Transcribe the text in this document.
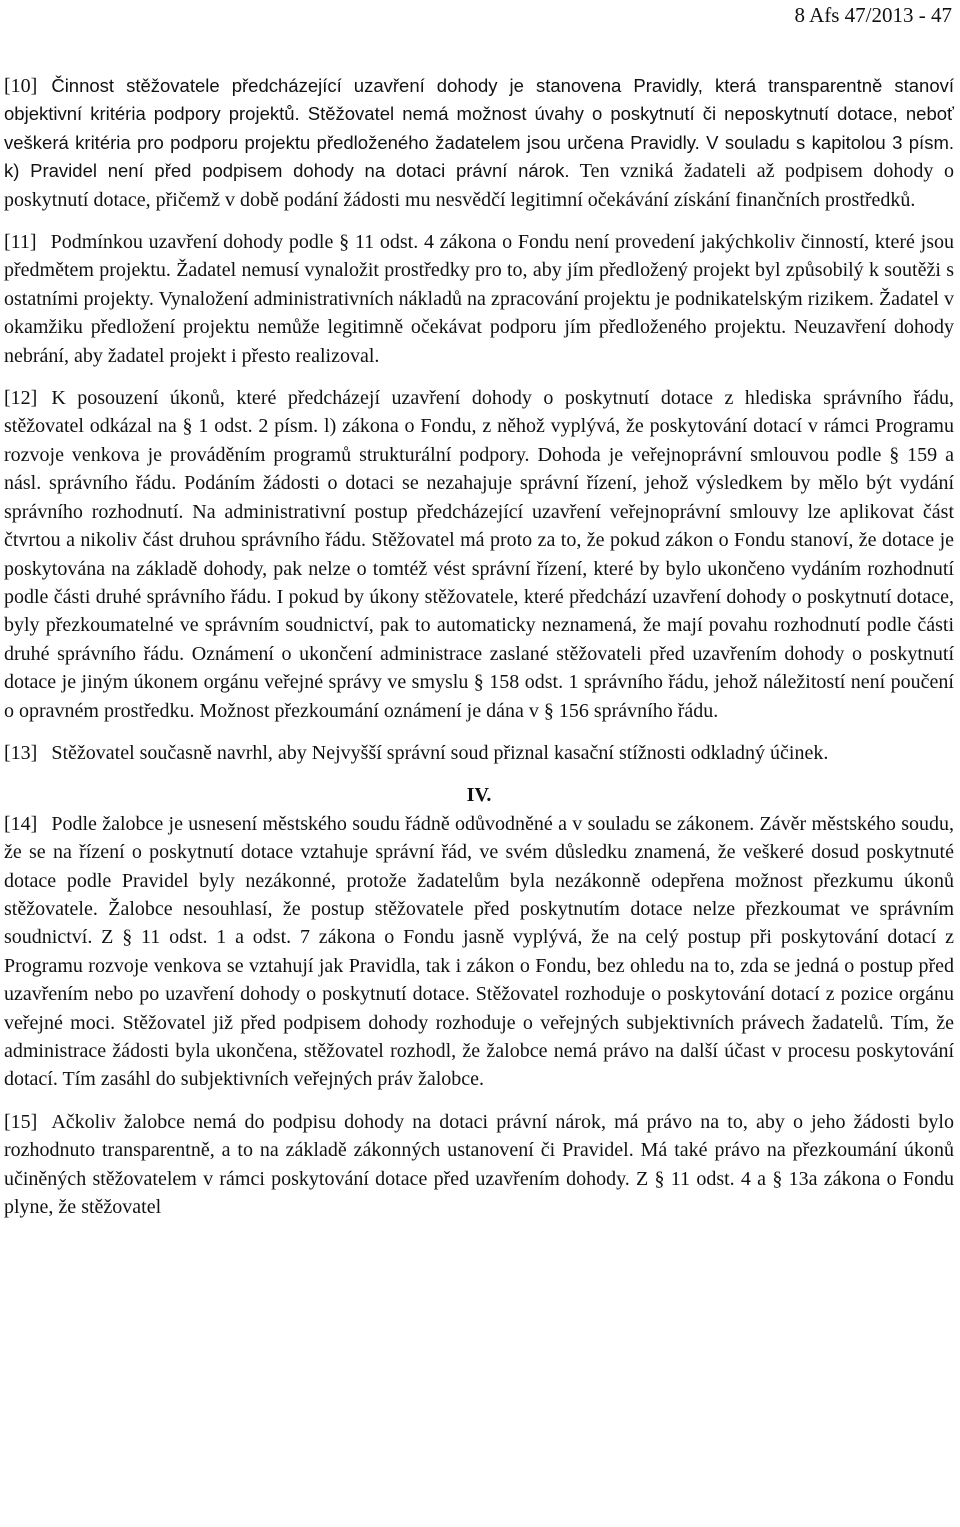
8 Afs 47/2013 - 47

[10] Činnost stěžovatele předcházející uzavření dohody je stanovena Pravidly, která transparentně stanoví objektivní kritéria podpory projektů. Stěžovatel nemá možnost úvahy o poskytnutí či neposkytnutí dotace, neboť veškerá kritéria pro podporu projektu předloženého žadatelem jsou určena Pravidly. V souladu s kapitolou 3 písm. k) Pravidel není před podpisem dohody na dotaci právní nárok. Ten vzniká žadateli až podpisem dohody o poskytnutí dotace, přičemž v době podání žádosti mu nesvědčí legitimní očekávání získání finančních prostředků.

[11] Podmínkou uzavření dohody podle § 11 odst. 4 zákona o Fondu není provedení jakýchkoliv činností, které jsou předmětem projektu. Žadatel nemusí vynaložit prostředky pro to, aby jím předložený projekt byl způsobilý k soutěži s ostatními projekty. Vynaložení administrativních nákladů na zpracování projektu je podnikatelským rizikem. Žadatel v okamžiku předložení projektu nemůže legitimně očekávat podporu jím předloženého projektu. Neuzavření dohody nebrání, aby žadatel projekt i přesto realizoval.

[12] K posouzení úkonů, které předcházejí uzavření dohody o poskytnutí dotace z hlediska správního řádu, stěžovatel odkázal na § 1 odst. 2 písm. l) zákona o Fondu, z něhož vyplývá, že poskytování dotací v rámci Programu rozvoje venkova je prováděním programů strukturální podpory. Dohoda je veřejnoprávní smlouvou podle § 159 a násl. správního řádu. Podáním žádosti o dotaci se nezahajuje správní řízení, jehož výsledkem by mělo být vydání správního rozhodnutí. Na administrativní postup předcházející uzavření veřejnoprávní smlouvy lze aplikovat část čtvrtou a nikoliv část druhou správního řádu. Stěžovatel má proto za to, že pokud zákon o Fondu stanoví, že dotace je poskytována na základě dohody, pak nelze o tomtéž vést správní řízení, které by bylo ukončeno vydáním rozhodnutí podle části druhé správního řádu. I pokud by úkony stěžovatele, které předchází uzavření dohody o poskytnutí dotace, byly přezkoumatelné ve správním soudnictví, pak to automaticky neznamená, že mají povahu rozhodnutí podle části druhé správního řádu. Oznámení o ukončení administrace zaslané stěžovateli před uzavřením dohody o poskytnutí dotace je jiným úkonem orgánu veřejné správy ve smyslu § 158 odst. 1 správního řádu, jehož náležitostí není poučení o opravném prostředku. Možnost přezkoumání oznámení je dána v § 156 správního řádu.

[13] Stěžovatel současně navrhl, aby Nejvyšší správní soud přiznal kasační stížnosti odkladný účinek.

IV.

[14] Podle žalobce je usnesení městského soudu řádně odůvodněné a v souladu se zákonem. Závěr městského soudu, že se na řízení o poskytnutí dotace vztahuje správní řád, ve svém důsledku znamená, že veškeré dosud poskytnuté dotace podle Pravidel byly nezákonné, protože žadatelům byla nezákonně odepřena možnost přezkumu úkonů stěžovatele. Žalobce nesouhlasí, že postup stěžovatele před poskytnutím dotace nelze přezkoumat ve správním soudnictví. Z § 11 odst. 1 a odst. 7 zákona o Fondu jasně vyplývá, že na celý postup při poskytování dotací z Programu rozvoje venkova se vztahují jak Pravidla, tak i zákon o Fondu, bez ohledu na to, zda se jedná o postup před uzavřením nebo po uzavření dohody o poskytnutí dotace. Stěžovatel rozhoduje o poskytování dotací z pozice orgánu veřejné moci. Stěžovatel již před podpisem dohody rozhoduje o veřejných subjektivních právech žadatelů. Tím, že administrace žádosti byla ukončena, stěžovatel rozhodl, že žalobce nemá právo na další účast v procesu poskytování dotací. Tím zasáhl do subjektivních veřejných práv žalobce.

[15] Ačkoliv žalobce nemá do podpisu dohody na dotaci právní nárok, má právo na to, aby o jeho žádosti bylo rozhodnuto transparentně, a to na základě zákonných ustanovení či Pravidel. Má také právo na přezkoumání úkonů učiněných stěžovatelem v rámci poskytování dotace před uzavřením dohody. Z § 11 odst. 4 a § 13a zákona o Fondu plyne, že stěžovatel
